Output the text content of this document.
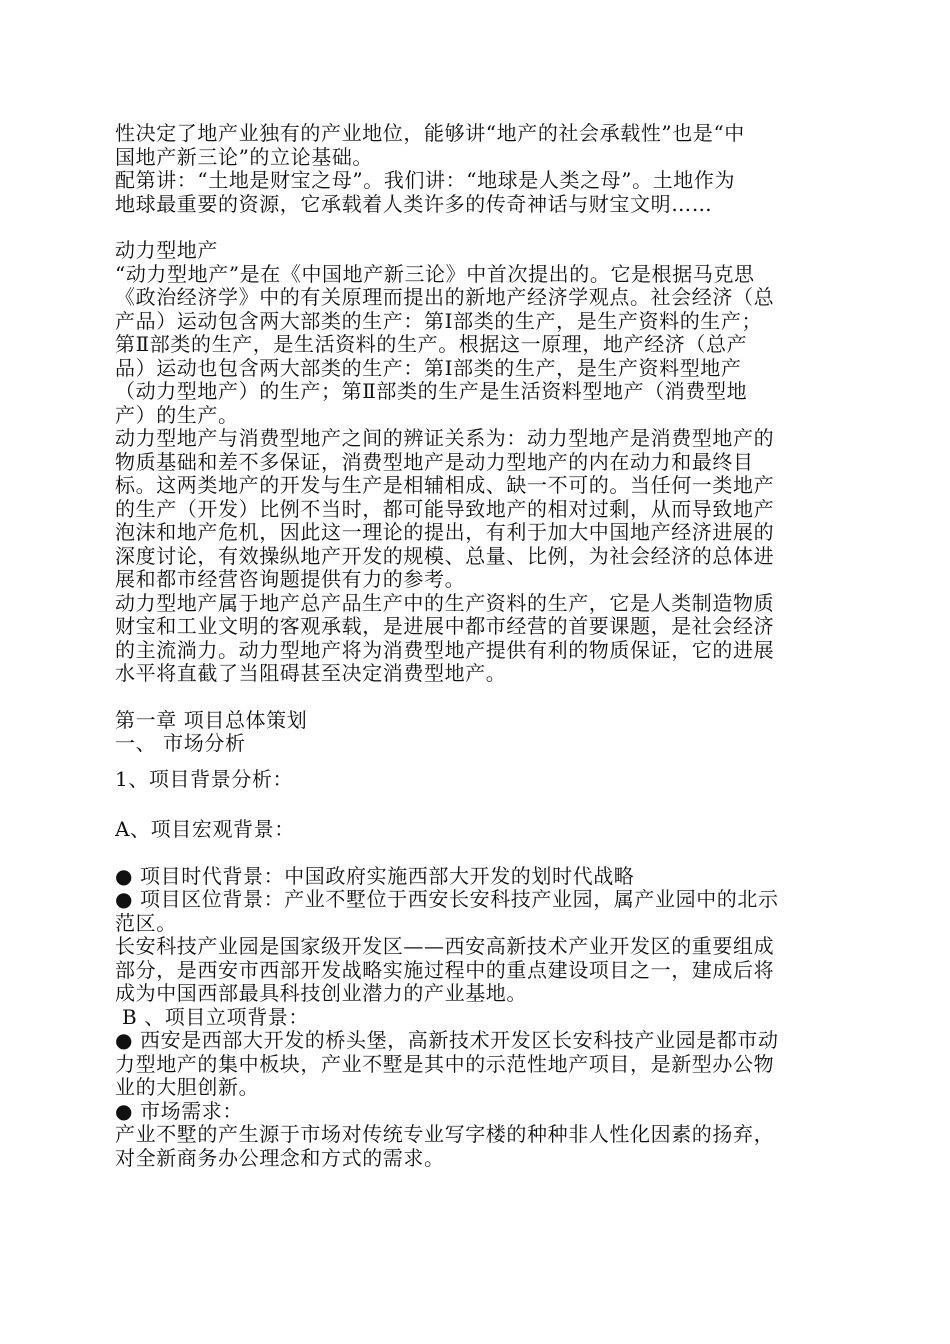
性决定了地产业独有的产业地位，能够讲“地产的社会承载性”也是“中
国地产新三论”的立论基础。
配第讲：“土地是财宝之母”。我们讲：“地球是人类之母”。土地作为
地球最重要的资源，它承载着人类许多的传奇神话与财宝文明……
动力型地产
“动力型地产”是在《中国地产新三论》中首次提出的。它是根据马克思
《政治经济学》中的有关原理而提出的新地产经济学观点。社会经济（总
产品）运动包含两大部类的生产：第Ⅰ部类的生产，是生产资料的生产；
第Ⅱ部类的生产，是生活资料的生产。根据这一原理，地产经济（总产
品）运动也包含两大部类的生产：第Ⅰ部类的生产，是生产资料型地产
（动力型地产）的生产；第Ⅱ部类的生产是生活资料型地产（消费型地
产）的生产。
动力型地产与消费型地产之间的辨证关系为：动力型地产是消费型地产的
物质基础和差不多保证，消费型地产是动力型地产的内在动力和最终目
标。这两类地产的开发与生产是相辅相成、缺一不可的。当任何一类地产
的生产（开发）比例不当时，都可能导致地产的相对过剩，从而导致地产
泡沫和地产危机，因此这一理论的提出，有利于加大中国地产经济进展的
深度讨论，有效操纵地产开发的规模、总量、比例，为社会经济的总体进
展和都市经营咨询题提供有力的参考。
动力型地产属于地产总产品生产中的生产资料的生产，它是人类制造物质
财宝和工业文明的客观承载，是进展中都市经营的首要课题，是社会经济
的主流淌力。动力型地产将为消费型地产提供有利的物质保证，它的进展
水平将直截了当阻碍甚至决定消费型地产。
第一章 项目总体策划
一、 市场分析
1、项目背景分析：
A、项目宏观背景：
● 项目时代背景：中国政府实施西部大开发的划时代战略
● 项目区位背景：产业不墅位于西安长安科技产业园，属产业园中的北示
范区。
长安科技产业园是国家级开发区——西安高新技术产业开发区的重要组成
部分，是西安市西部开发战略实施过程中的重点建设项目之一，建成后将
成为中国西部最具科技创业潜力的产业基地。
B 、项目立项背景：
● 西安是西部大开发的桥头堡，高新技术开发区长安科技产业园是都市动
力型地产的集中板块，产业不墅是其中的示范性地产项目，是新型办公物
业的大胆创新。
● 市场需求：
产业不墅的产生源于市场对传统专业写字楼的种种非人性化因素的扬弃，
对全新商务办公理念和方式的需求。
